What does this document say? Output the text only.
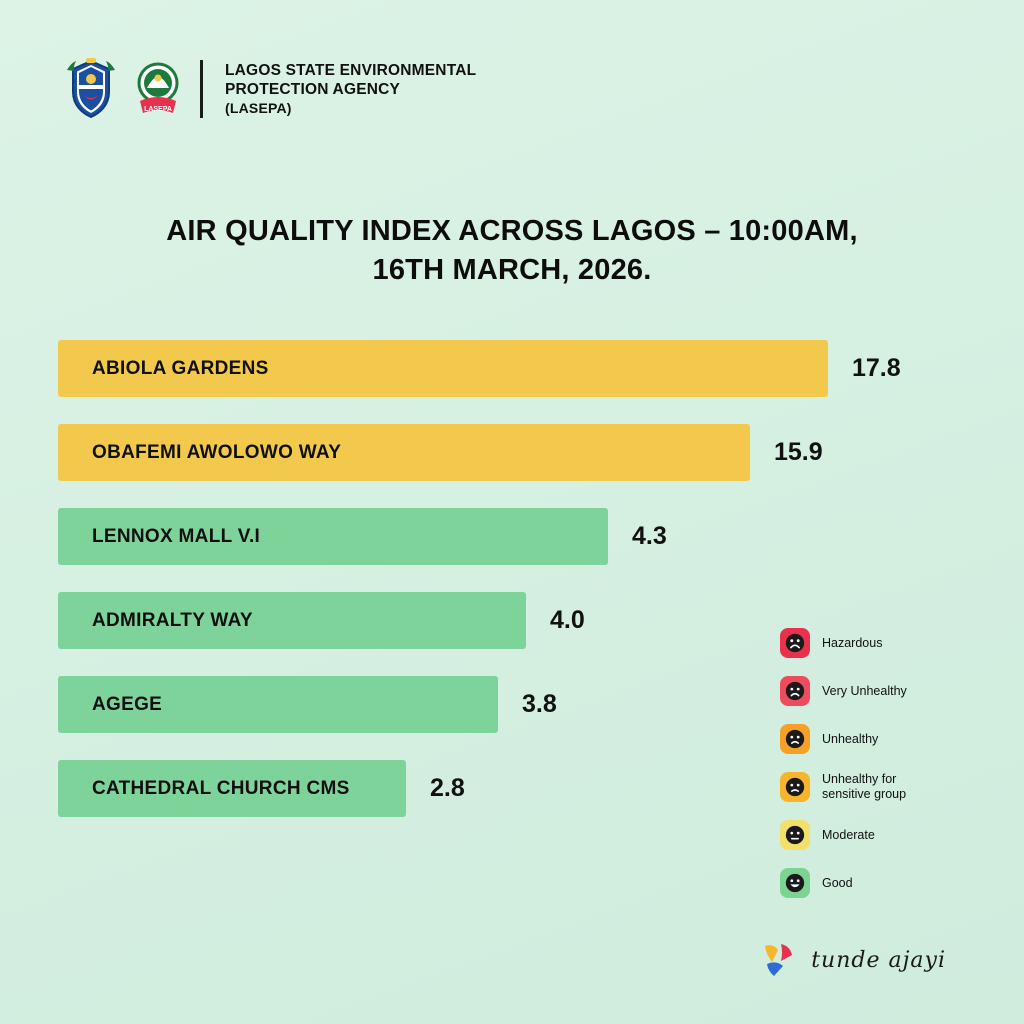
LASEPA
LAGOS STATE ENVIRONMENTAL
PROTECTION AGENCY
(LASEPA)
AIR QUALITY INDEX ACROSS LAGOS – 10:00AM,
16TH MARCH, 2026.
ABIOLA GARDENS	17.8
OBAFEMI AWOLOWO WAY	15.9
LENNOX MALL V.I	4.3
ADMIRALTY WAY	4.0
AGEGE	3.8
CATHEDRAL CHURCH CMS	2.8
Hazardous
Very Unhealthy
Unhealthy
Unhealthy for sensitive group
Moderate
Good
tunde ajayi
